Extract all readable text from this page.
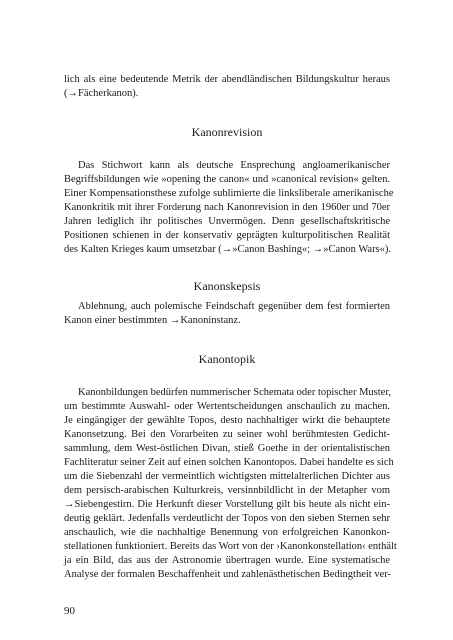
lich als eine bedeutende Metrik der abendländischen Bildungskultur heraus
(→Fächerkanon).
Kanonrevision
Das Stichwort kann als deutsche Ensprechung angloamerikanischer
Begriffsbildungen wie »opening the canon« und »canonical revision« gelten.
Einer Kompensationsthese zufolge sublimierte die linksliberale amerikanische
Kanonkritik mit ihrer Forderung nach Kanonrevision in den 1960er und 70er
Jahren lediglich ihr politisches Unvermögen. Denn gesellschaftskritische
Positionen schienen in der konservativ geprägten kulturpolitischen Realität
des Kalten Krieges kaum umsetzbar (→»Canon Bashing«; →»Canon Wars«).
Kanonskepsis
Ablehnung, auch polemische Feindschaft gegenüber dem fest formierten
Kanon einer bestimmten →Kanoninstanz.
Kanontopik
Kanonbildungen bedürfen nummerischer Schemata oder topischer Muster,
um bestimmte Auswahl- oder Wertentscheidungen anschaulich zu machen.
Je eingängiger der gewählte Topos, desto nachhaltiger wirkt die behauptete
Kanonsetzung. Bei den Vorarbeiten zu seiner wohl berühmtesten Gedicht-
sammlung, dem West-östlichen Divan, stieß Goethe in der orientalistischen
Fachliteratur seiner Zeit auf einen solchen Kanontopos. Dabei handelte es sich
um die Siebenzahl der vermeintlich wichtigsten mittelalterlichen Dichter aus
dem persisch-arabischen Kulturkreis, versinnbildlicht in der Metapher vom
→Siebengestirn. Die Herkunft dieser Vorstellung gilt bis heute als nicht ein-
deutig geklärt. Jedenfalls verdeutlicht der Topos von den sieben Sternen sehr
anschaulich, wie die nachhaltige Benennung von erfolgreichen Kanonkon-
stellationen funktioniert. Bereits das Wort von der ›Kanonkonstellation‹ enthält
ja ein Bild, das aus der Astronomie übertragen wurde. Eine systematische
Analyse der formalen Beschaffenheit und zahlenästhetischen Bedingtheit ver-
90
